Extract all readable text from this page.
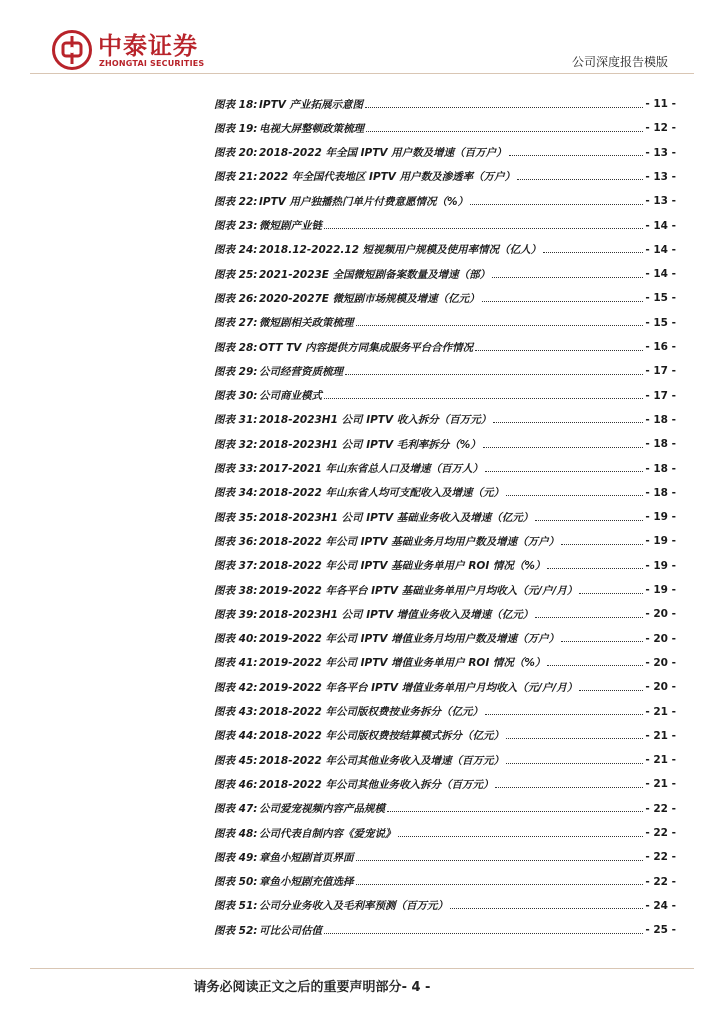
中泰证券
ZHONGTAI SECURITIES	公司深度报告模版
图表 18: IPTV 产业拓展示意图	- 11 -
图表 19: 电视大屏整顿政策梳理	- 12 -
图表 20: 2018-2022 年全国 IPTV 用户数及增速（百万户）	- 13 -
图表 21: 2022 年全国代表地区 IPTV 用户数及渗透率（万户）	- 13 -
图表 22: IPTV 用户独播热门单片付费意愿情况（%）	- 13 -
图表 23: 微短剧产业链	- 14 -
图表 24: 2018.12-2022.12 短视频用户规模及使用率情况（亿人）	- 14 -
图表 25: 2021-2023E 全国微短剧备案数量及增速（部）	- 14 -
图表 26: 2020-2027E 微短剧市场规模及增速（亿元）	- 15 -
图表 27: 微短剧相关政策梳理	- 15 -
图表 28: OTT TV 内容提供方同集成服务平台合作情况	- 16 -
图表 29: 公司经营资质梳理	- 17 -
图表 30: 公司商业模式	- 17 -
图表 31: 2018-2023H1 公司 IPTV 收入拆分（百万元）	- 18 -
图表 32: 2018-2023H1 公司 IPTV 毛利率拆分（%）	- 18 -
图表 33: 2017-2021 年山东省总人口及增速（百万人）	- 18 -
图表 34: 2018-2022 年山东省人均可支配收入及增速（元）	- 18 -
图表 35: 2018-2023H1 公司 IPTV 基础业务收入及增速（亿元）	- 19 -
图表 36: 2018-2022 年公司 IPTV 基础业务月均用户数及增速（万户）	- 19 -
图表 37: 2018-2022 年公司 IPTV 基础业务单用户 ROI 情况（%）	- 19 -
图表 38: 2019-2022 年各平台 IPTV 基础业务单用户月均收入（元/户/月）	- 19 -
图表 39: 2018-2023H1 公司 IPTV 增值业务收入及增速（亿元）	- 20 -
图表 40: 2019-2022 年公司 IPTV 增值业务月均用户数及增速（万户）	- 20 -
图表 41: 2019-2022 年公司 IPTV 增值业务单用户 ROI 情况（%）	- 20 -
图表 42: 2019-2022 年各平台 IPTV 增值业务单用户月均收入（元/户/月）	- 20 -
图表 43: 2018-2022 年公司版权费按业务拆分（亿元）	- 21 -
图表 44: 2018-2022 年公司版权费按结算模式拆分（亿元）	- 21 -
图表 45: 2018-2022 年公司其他业务收入及增速（百万元）	- 21 -
图表 46: 2018-2022 年公司其他业务收入拆分（百万元）	- 21 -
图表 47: 公司爱宠视频内容产品规模	- 22 -
图表 48: 公司代表自制内容《爱宠说》	- 22 -
图表 49: 章鱼小短剧首页界面	- 22 -
图表 50: 章鱼小短剧充值选择	- 22 -
图表 51: 公司分业务收入及毛利率预测（百万元）	- 24 -
图表 52: 可比公司估值	- 25 -
请务必阅读正文之后的重要声明部分- 4 -
